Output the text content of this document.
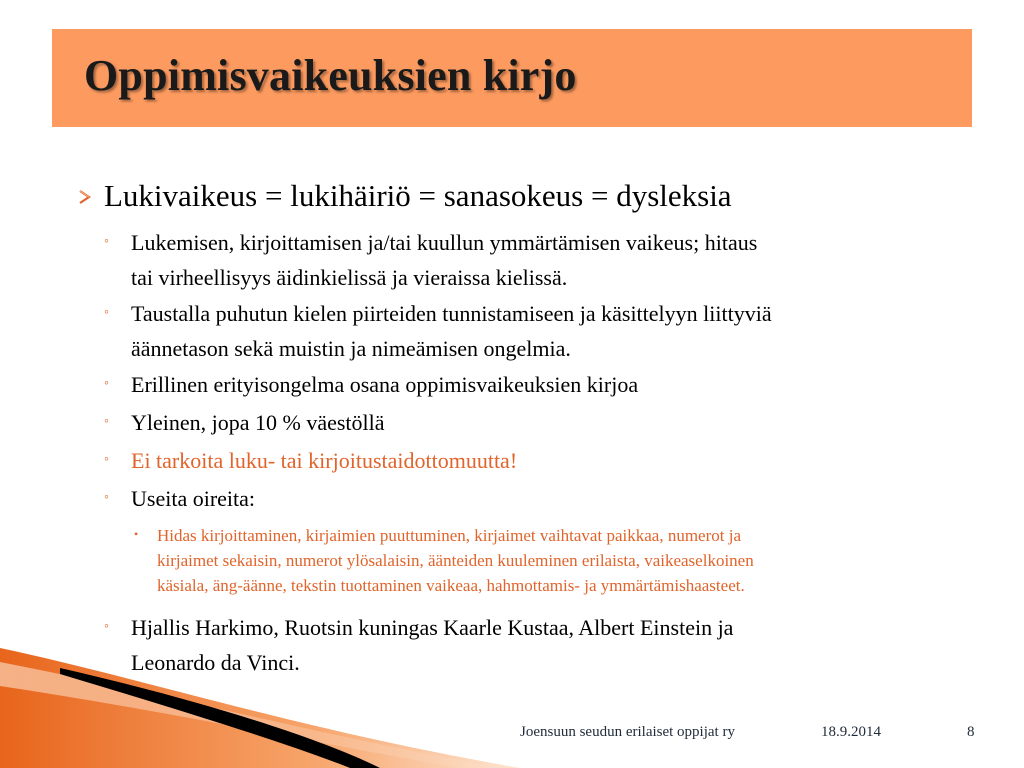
Oppimisvaikeuksien kirjo
Lukivaikeus = lukihäiriö = sanasokeus = dysleksia
◦ Lukemisen, kirjoittamisen ja/tai kuullun ymmärtämisen vaikeus; hitaus
tai virheellisyys äidinkielissä ja vieraissa kielissä.
◦ Taustalla puhutun kielen piirteiden tunnistamiseen ja käsittelyyn liittyviä
äännetason sekä muistin ja nimeämisen ongelmia.
◦ Erillinen erityisongelma osana oppimisvaikeuksien kirjoa
◦ Yleinen, jopa 10 % väestöllä
◦ Ei tarkoita luku- tai kirjoitustaidottomuutta!
◦ Useita oireita:
• Hidas kirjoittaminen, kirjaimien puuttuminen, kirjaimet vaihtavat paikkaa, numerot ja
kirjaimet sekaisin, numerot ylösalaisin, äänteiden kuuleminen erilaista, vaikeaselkoinen
käsiala, äng-äänne, tekstin tuottaminen vaikeaa, hahmottamis- ja ymmärtämishaasteet.
◦ Hjallis Harkimo, Ruotsin kuningas Kaarle Kustaa, Albert Einstein ja
Leonardo da Vinci.
Joensuun seudun erilaiset oppijat ry	18.9.2014	8
